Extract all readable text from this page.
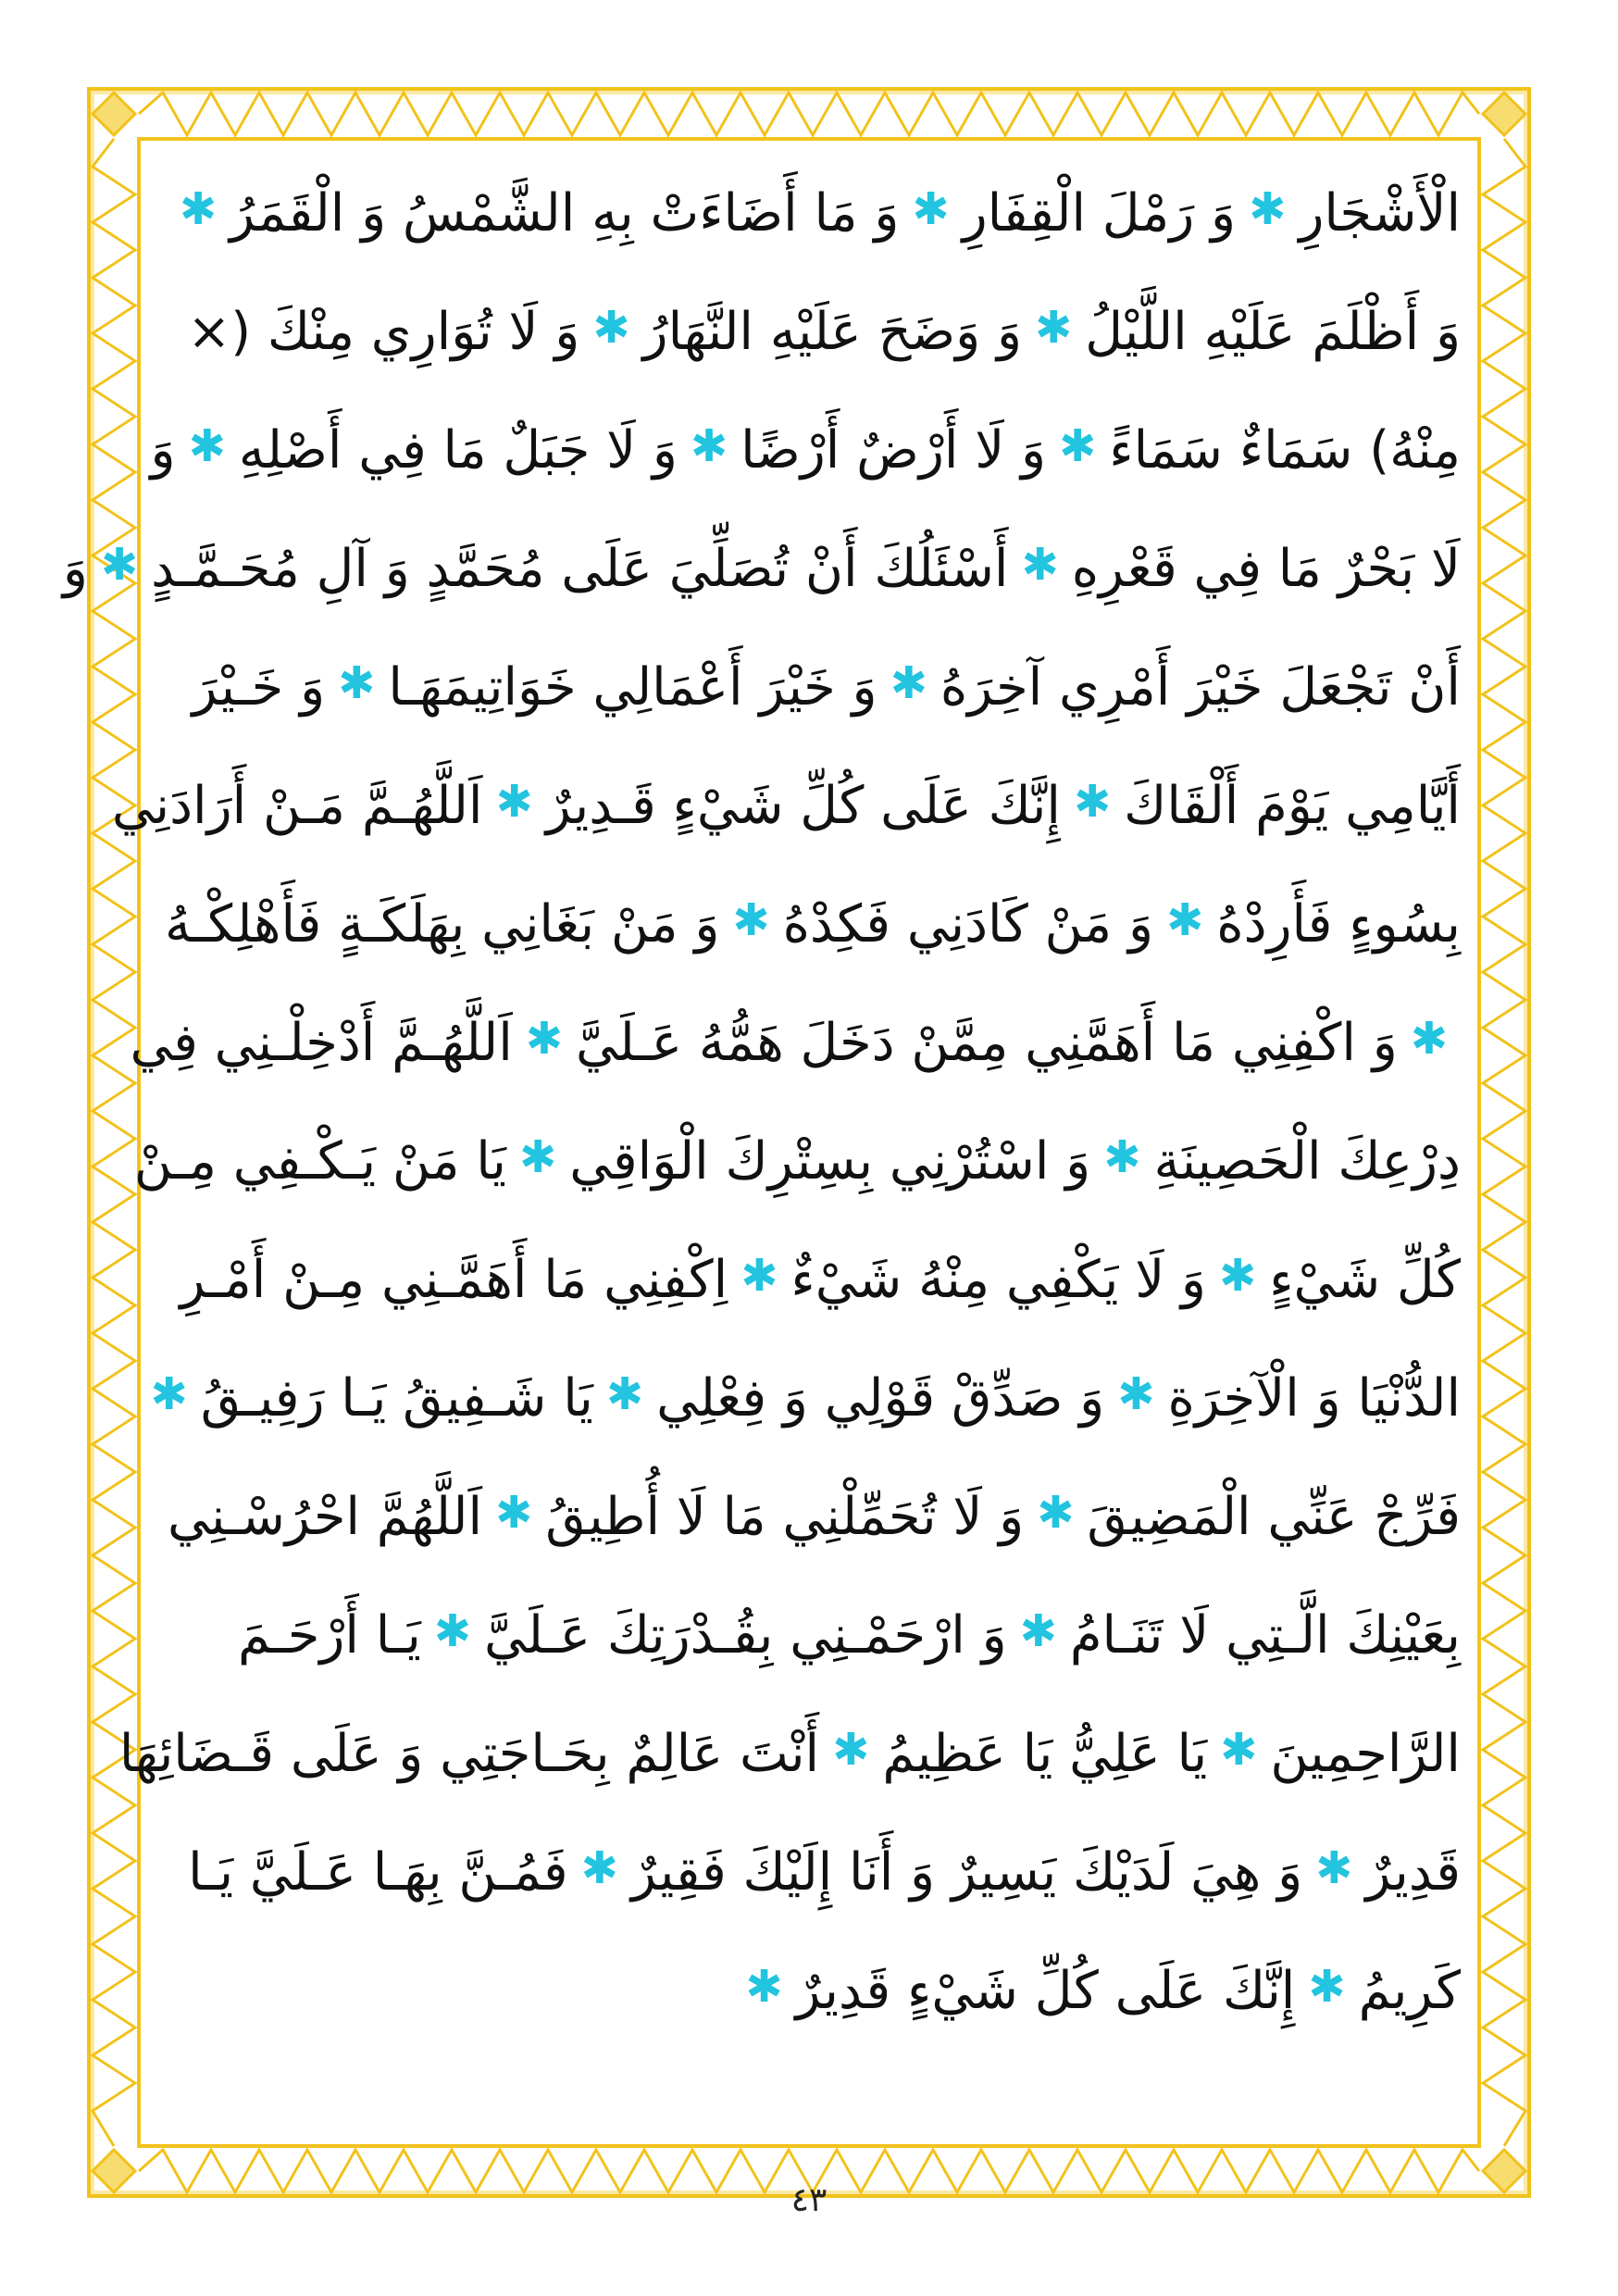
الْأَشْجَارِ
✱
وَ رَمْلَ الْقِفَارِ
✱
وَ مَا أَضَاءَتْ بِهِ الشَّمْسُ وَ الْقَمَرُ
✱
وَ أَظْلَمَ عَلَيْهِ اللَّيْلُ
✱
وَ وَضَحَ عَلَيْهِ النَّهَارُ
✱
وَ لَا تُوَارِي مِنْكَ (×
مِنْهُ) سَمَاءٌ سَمَاءً
✱
وَ لَا أَرْضٌ أَرْضًا
✱
وَ لَا جَبَلٌ مَا فِي أَصْلِهِ
✱
وَ
لَا بَحْرٌ مَا فِي قَعْرِهِ
✱
أَسْئَلُكَ أَنْ تُصَلِّيَ عَلَى مُحَمَّدٍ وَ آلِ مُحَـمَّـدٍ
✱
وَ
أَنْ تَجْعَلَ خَيْرَ أَمْرِي آخِرَهُ
✱
وَ خَيْرَ أَعْمَالِي خَوَاتِيمَهَـا
✱
وَ خَـيْرَ
أَيَّامِي يَوْمَ أَلْقَاكَ
✱
إِنَّكَ عَلَى كُلِّ شَيْءٍ قَـدِيرٌ
✱
اَللَّهُـمَّ مَـنْ أَرَادَنِي
بِسُوءٍ فَأَرِدْهُ
✱
وَ مَنْ كَادَنِي فَكِدْهُ
✱
وَ مَنْ بَغَانِي بِهَلَكَـةٍ فَأَهْلِكْـهُ
✱
وَ اكْفِنِي مَا أَهَمَّنِي مِمَّنْ دَخَلَ هَمُّهُ عَـلَيَّ
✱
اَللَّهُـمَّ أَدْخِلْـنِي فِي
دِرْعِكَ الْحَصِينَةِ
✱
وَ اسْتُرْنِي بِسِتْرِكَ الْوَاقِي
✱
يَا مَنْ يَـكْـفِي مِـنْ
كُلِّ شَيْءٍ
✱
وَ لَا يَكْفِي مِنْهُ شَيْءٌ
✱
اِكْفِنِي مَا أَهَمَّـنِي مِـنْ أَمْـرِ
الدُّنْيَا وَ الْآخِرَةِ
✱
وَ صَدِّقْ قَوْلِي وَ فِعْلِي
✱
يَا شَـفِيقُ يَـا رَفِيـقُ
✱
فَرِّجْ عَنِّي الْمَضِيقَ
✱
وَ لَا تُحَمِّلْنِي مَا لَا أُطِيقُ
✱
اَللَّهُمَّ احْرُسْـنِي
بِعَيْنِكَ الَّـتِي لَا تَنَـامُ
✱
وَ ارْحَمْـنِي بِقُـدْرَتِكَ عَـلَيَّ
✱
يَـا أَرْحَـمَ
الرَّاحِمِينَ
✱
يَا عَلِيُّ يَا عَظِيمُ
✱
أَنْتَ عَالِمٌ بِحَـاجَتِي وَ عَلَى قَـضَائِهَا
قَدِيرٌ
✱
وَ هِيَ لَدَيْكَ يَسِيرٌ وَ أَنَا إِلَيْكَ فَقِيرٌ
✱
فَمُـنَّ بِهَـا عَـلَيَّ يَـا
كَرِيمُ
✱
إِنَّكَ عَلَى كُلِّ شَيْءٍ قَدِيرٌ
✱
٤٣
